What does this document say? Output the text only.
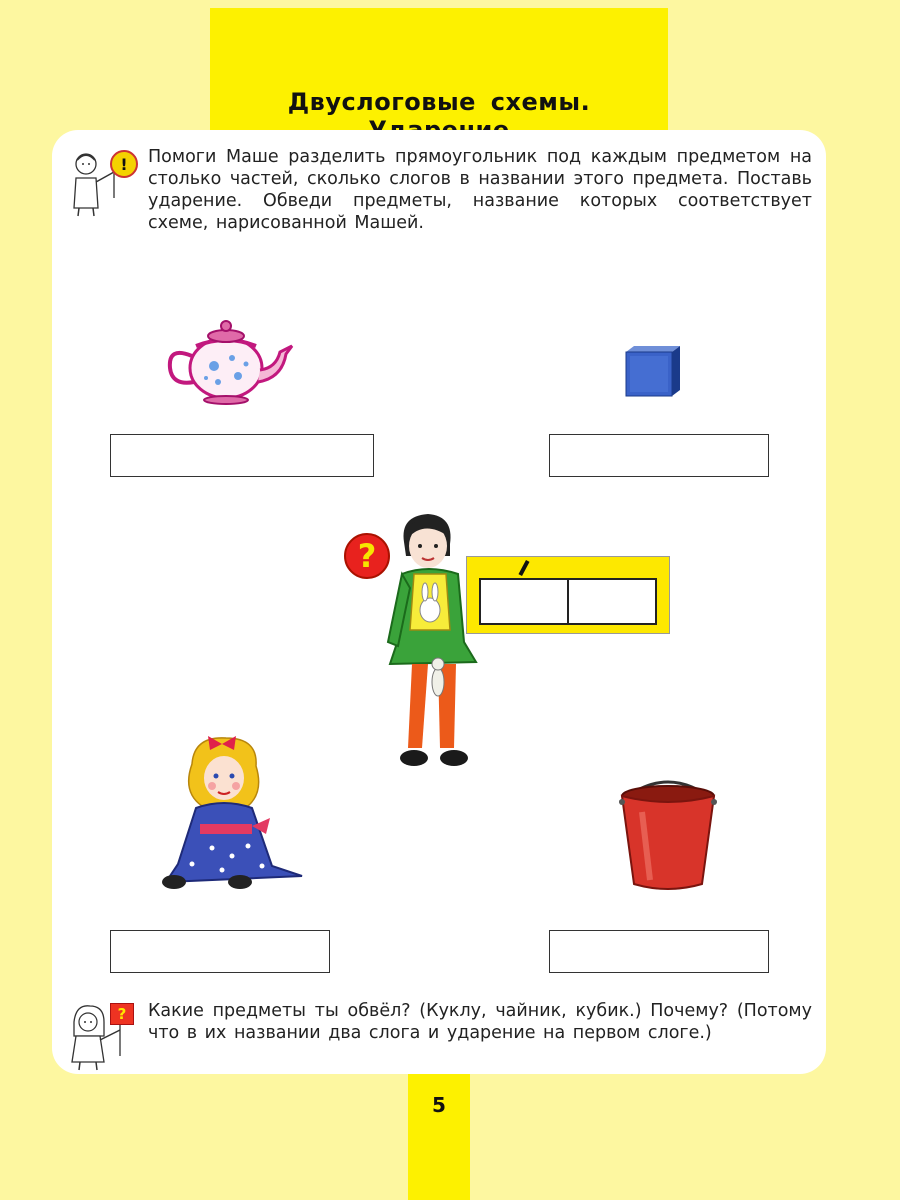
Двуслоговые схемы.
!	Помоги Маше разделить прямоугольник под каждым предметом на столько частей, сколько слогов в названии этого предмета. Поставь ударение. Обведи предметы, название которых соответствует схеме, нарисованной Машей.
?
?	Какие предметы ты обвёл? (Куклу, чайник, кубик.) Почему? (Потому что в их названии два слога и ударение на первом слоге.)
5
